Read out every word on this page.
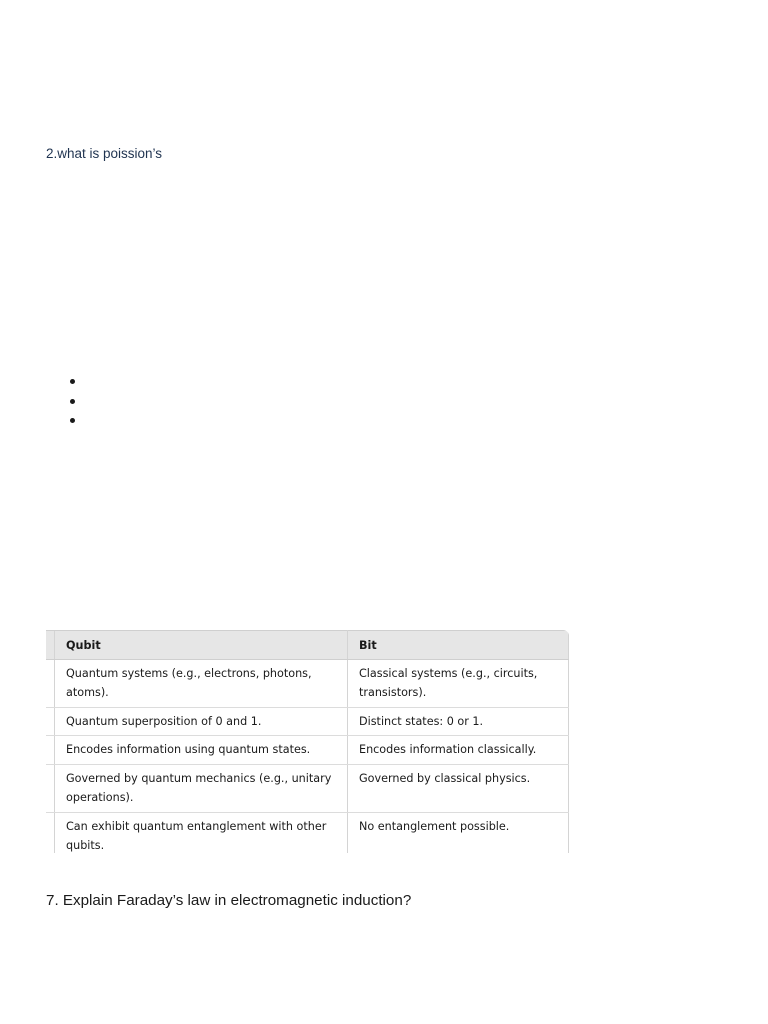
2.what is poission’s

	Qubit	Bit
	Quantum systems (e.g., electrons, photons, atoms).	Classical systems (e.g., circuits, transistors).
	Quantum superposition of 0 and 1.	Distinct states: 0 or 1.
	Encodes information using quantum states.	Encodes information classically.
	Governed by quantum mechanics (e.g., unitary operations).	Governed by classical physics.
	Can exhibit quantum entanglement with other qubits.	No entanglement possible.

7. Explain Faraday’s law in electromagnetic induction?
